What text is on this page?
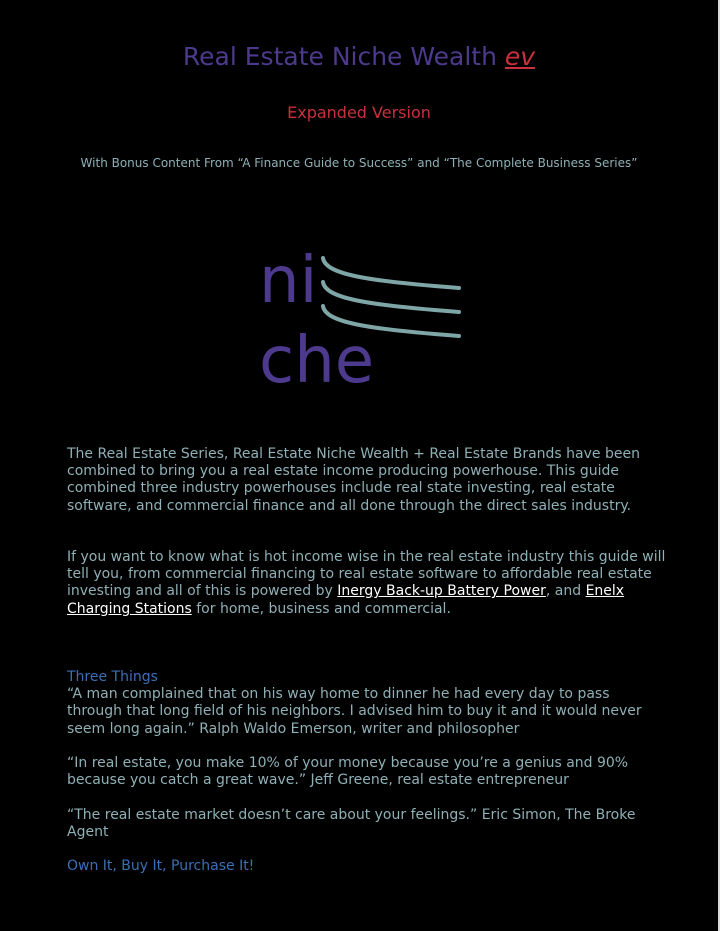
Real Estate Niche Wealth ev
Expanded Version
With Bonus Content From “A Finance Guide to Success” and “The Complete Business Series”
ni
che

The Real Estate Series, Real Estate Niche Wealth + Real Estate Brands have been combined to bring you a real estate income producing powerhouse. This guide combined three industry powerhouses include real state investing, real estate software, and commercial finance and all done through the direct sales industry.

If you want to know what is hot income wise in the real estate industry this guide will tell you, from commercial financing to real estate software to affordable real estate investing and all of this is powered by Inergy Back-up Battery Power, and Enelx Charging Stations for home, business and commercial.

Three Things
“A man complained that on his way home to dinner he had every day to pass through that long field of his neighbors. I advised him to buy it and it would never seem long again.” Ralph Waldo Emerson, writer and philosopher

“In real estate, you make 10% of your money because you’re a genius and 90% because you catch a great wave.” Jeff Greene, real estate entrepreneur

“The real estate market doesn’t care about your feelings.” Eric Simon, The Broke Agent

Own It, Buy It, Purchase It!
